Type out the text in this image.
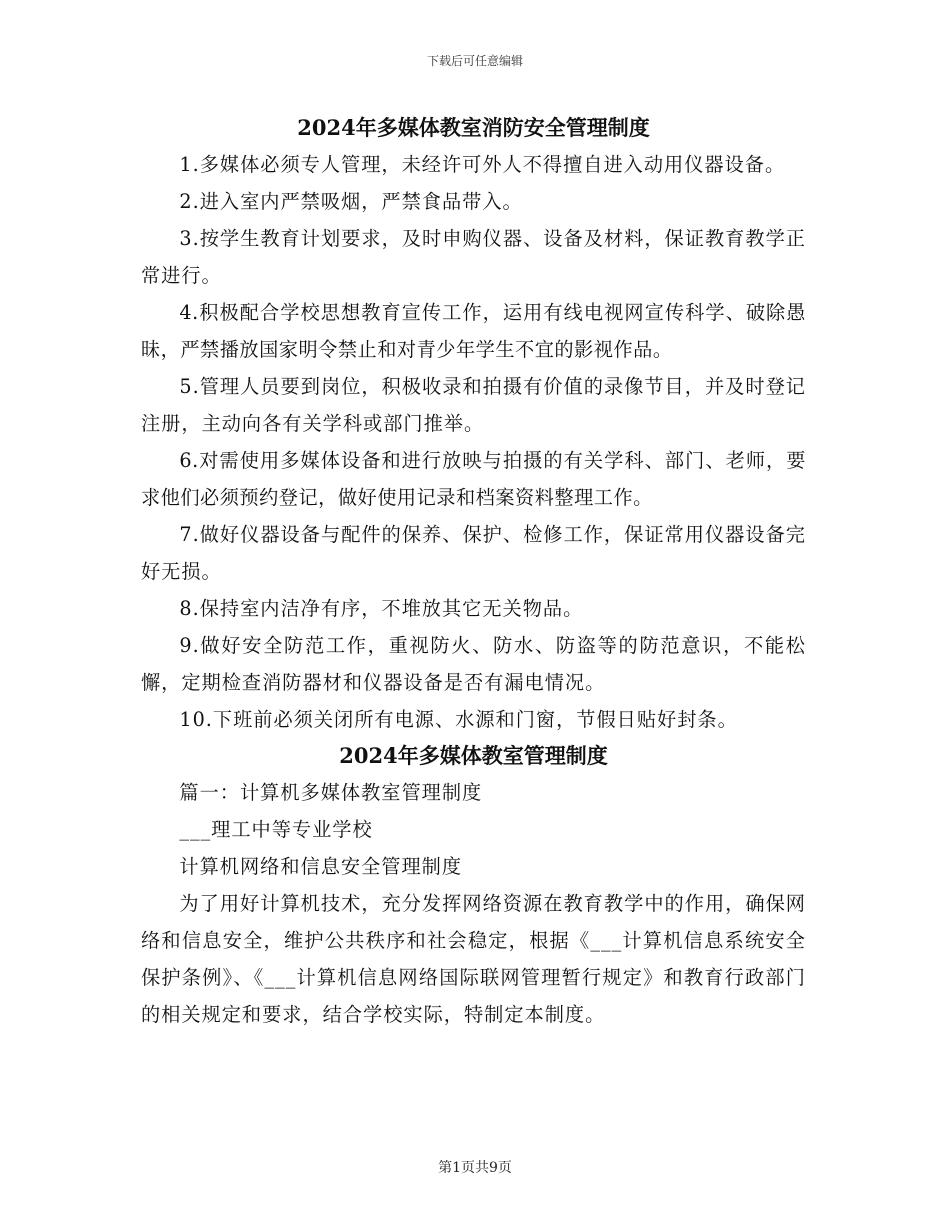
下载后可任意编辑
2024年多媒体教室消防安全管理制度

1.多媒体必须专人管理，未经许可外人不得擅自进入动用仪器设备。

2.进入室内严禁吸烟，严禁食品带入。

3.按学生教育计划要求，及时申购仪器、设备及材料，保证教育教学正常进行。

4.积极配合学校思想教育宣传工作，运用有线电视网宣传科学、破除愚昧，严禁播放国家明令禁止和对青少年学生不宜的影视作品。

5.管理人员要到岗位，积极收录和拍摄有价值的录像节目，并及时登记注册，主动向各有关学科或部门推举。

6.对需使用多媒体设备和进行放映与拍摄的有关学科、部门、老师，要求他们必须预约登记，做好使用记录和档案资料整理工作。

7.做好仪器设备与配件的保养、保护、检修工作，保证常用仪器设备完好无损。

8.保持室内洁净有序，不堆放其它无关物品。

9.做好安全防范工作，重视防火、防水、防盗等的防范意识，不能松懈，定期检查消防器材和仪器设备是否有漏电情况。

10.下班前必须关闭所有电源、水源和门窗，节假日贴好封条。

2024年多媒体教室管理制度

篇一：计算机多媒体教室管理制度

___理工中等专业学校

计算机网络和信息安全管理制度

为了用好计算机技术，充分发挥网络资源在教育教学中的作用，确保网络和信息安全，维护公共秩序和社会稳定，根据《___计算机信息系统安全保护条例》、《___计算机信息网络国际联网管理暂行规定》和教育行政部门的相关规定和要求，结合学校实际，特制定本制度。

第1页共9页
